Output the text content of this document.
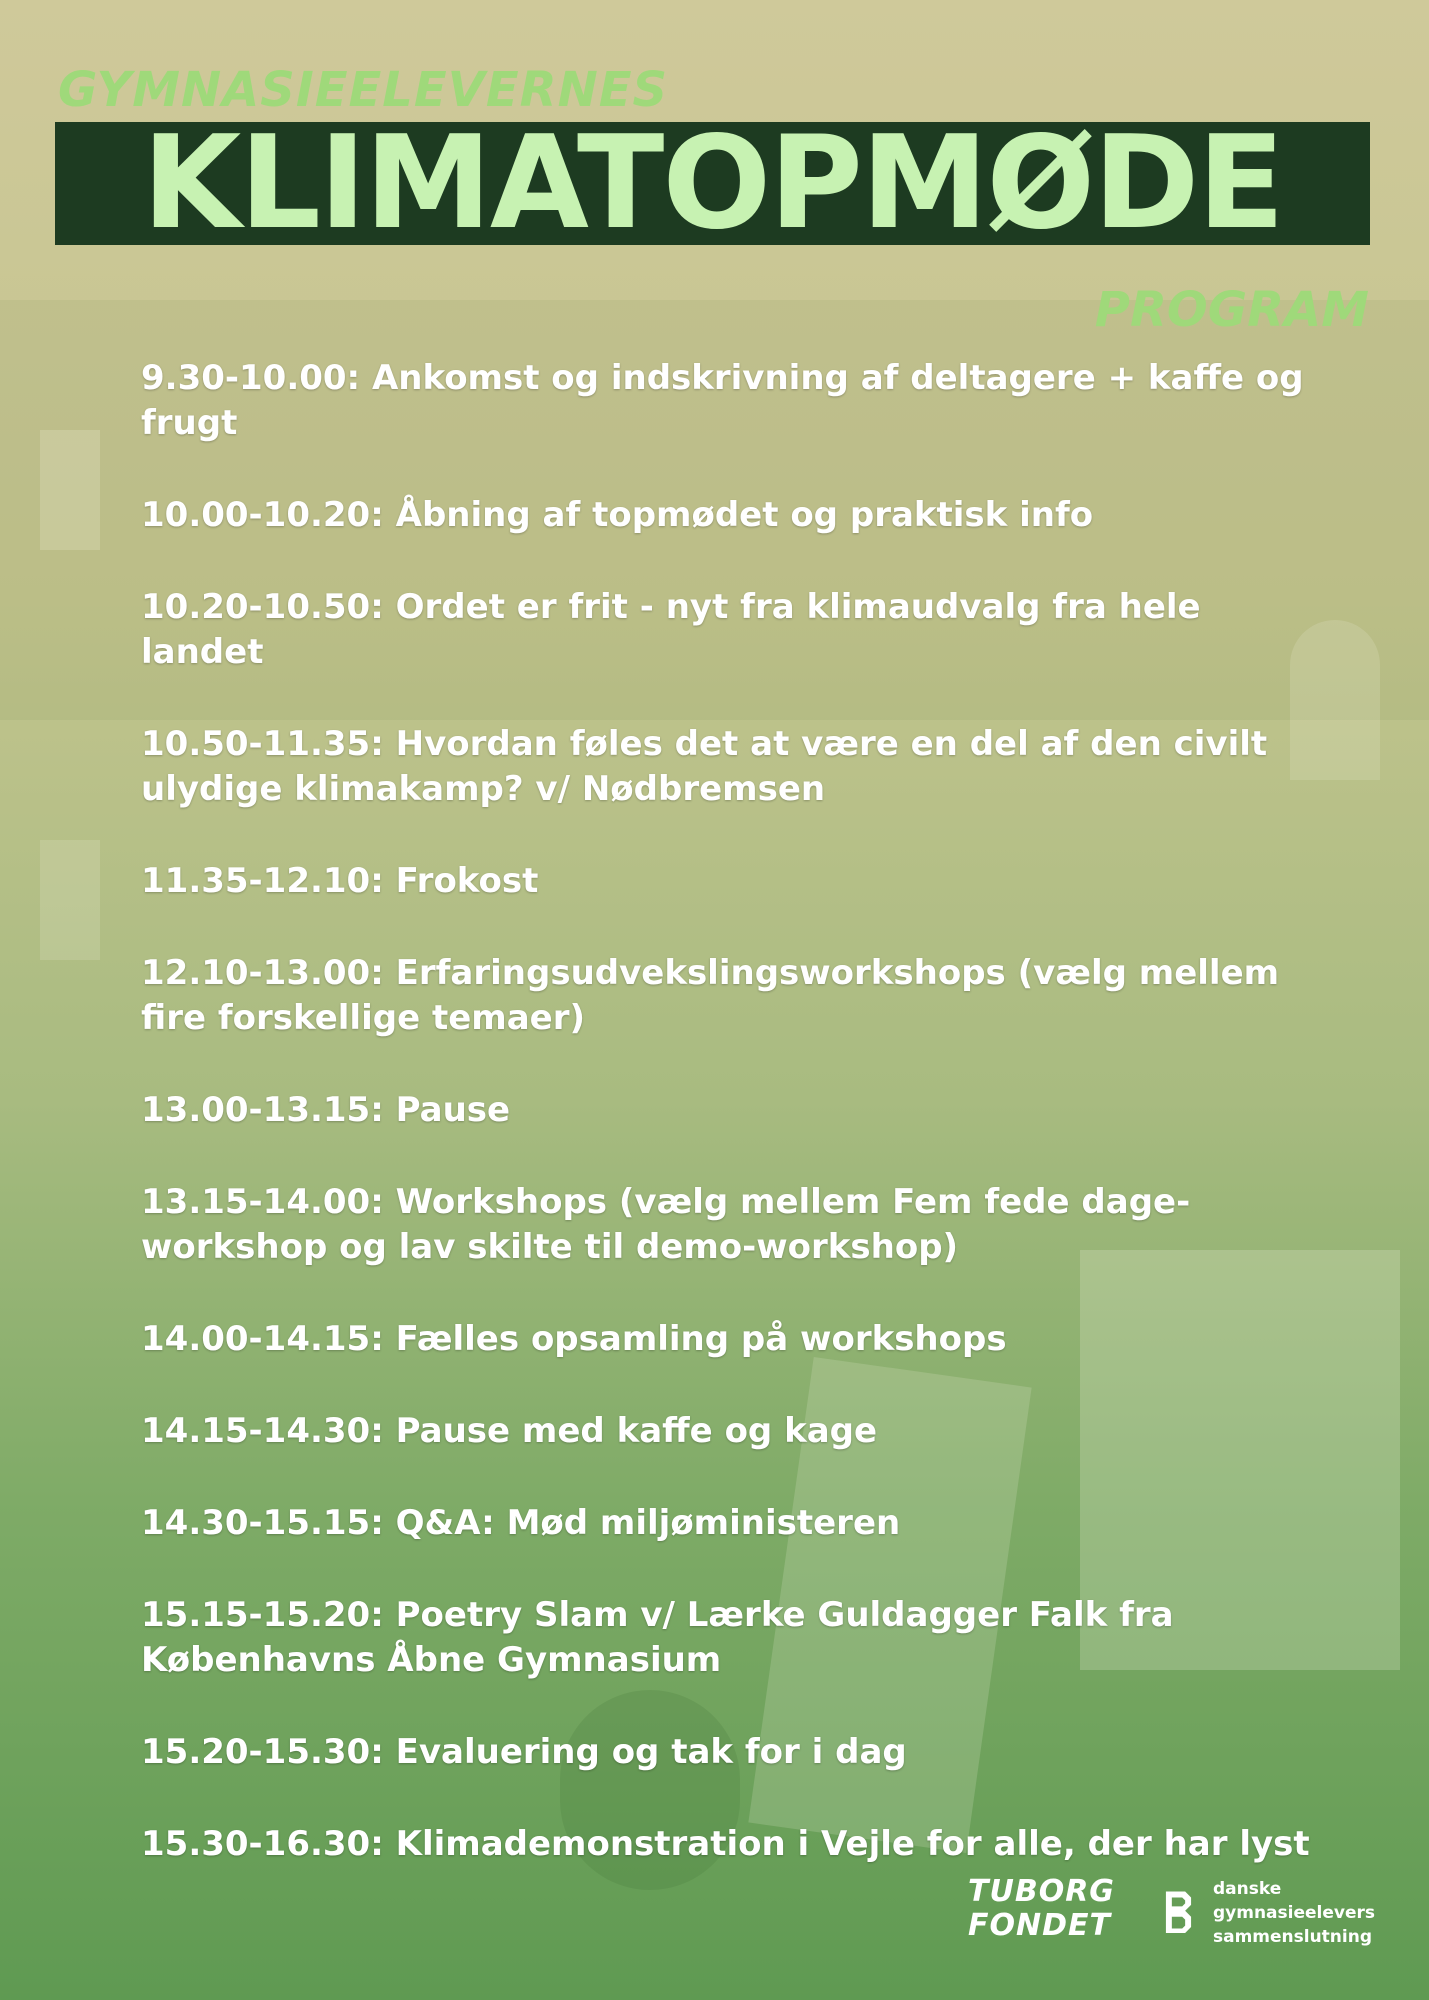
GYMNASIEELEVERNES
KLIMATOPMØDE
PROGRAM
9.30-10.00: Ankomst og indskrivning af deltagere + kaffe og frugt
10.00-10.20: Åbning af topmødet og praktisk info
10.20-10.50: Ordet er frit - nyt fra klimaudvalg fra hele landet
10.50-11.35: Hvordan føles det at være en del af den civilt ulydige klimakamp? v/ Nødbremsen
11.35-12.10: Frokost
12.10-13.00: Erfaringsudvekslingsworkshops (vælg mellem fire forskellige temaer)
13.00-13.15: Pause
13.15-14.00: Workshops (vælg mellem Fem fede dage-workshop og lav skilte til demo-workshop)
14.00-14.15: Fælles opsamling på workshops
14.15-14.30: Pause med kaffe og kage
14.30-15.15: Q&A: Mød miljøministeren
15.15-15.20: Poetry Slam v/ Lærke Guldagger Falk fra Københavns Åbne Gymnasium
15.20-15.30: Evaluering og tak for i dag
15.30-16.30: Klimademonstration i Vejle for alle, der har lyst
TUBORG
FONDET
danske
gymnasieelevers
sammenslutning
